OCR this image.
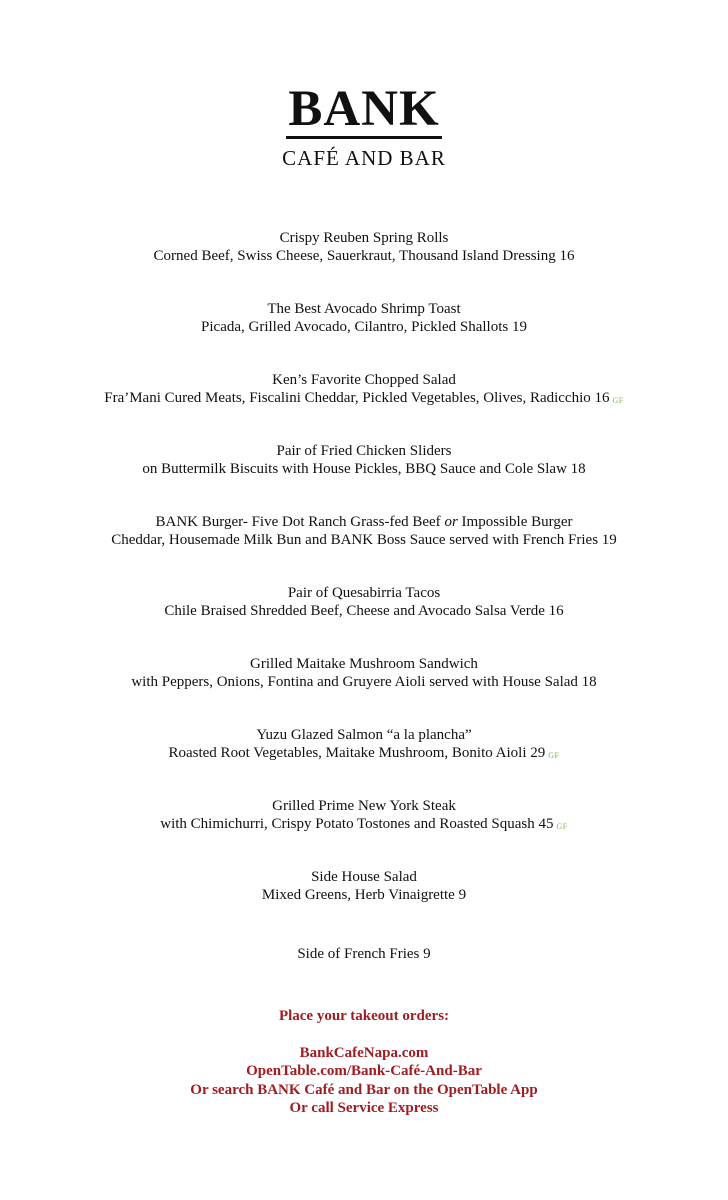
BANK
CAFÉ AND BAR
Crispy Reuben Spring Rolls
Corned Beef, Swiss Cheese, Sauerkraut, Thousand Island Dressing 16
The Best Avocado Shrimp Toast
Picada, Grilled Avocado, Cilantro, Pickled Shallots 19
Ken’s Favorite Chopped Salad
Fra’Mani Cured Meats, Fiscalini Cheddar, Pickled Vegetables, Olives, Radicchio 16 GF
Pair of Fried Chicken Sliders
on Buttermilk Biscuits with House Pickles, BBQ Sauce and Cole Slaw 18
BANK Burger- Five Dot Ranch Grass-fed Beef or Impossible Burger
Cheddar, Housemade Milk Bun and BANK Boss Sauce served with French Fries 19
Pair of Quesabirria Tacos
Chile Braised Shredded Beef, Cheese and Avocado Salsa Verde 16
Grilled Maitake Mushroom Sandwich
with Peppers, Onions, Fontina and Gruyere Aioli served with House Salad 18
Yuzu Glazed Salmon “a la plancha”
Roasted Root Vegetables, Maitake Mushroom, Bonito Aioli 29 GF
Grilled Prime New York Steak
with Chimichurri, Crispy Potato Tostones and Roasted Squash 45 GF
Side House Salad
Mixed Greens, Herb Vinaigrette 9
Side of French Fries 9
Place your takeout orders:
BankCafeNapa.com
OpenTable.com/Bank-Café-And-Bar
Or search BANK Café and Bar on the OpenTable App
Or call Service Express
